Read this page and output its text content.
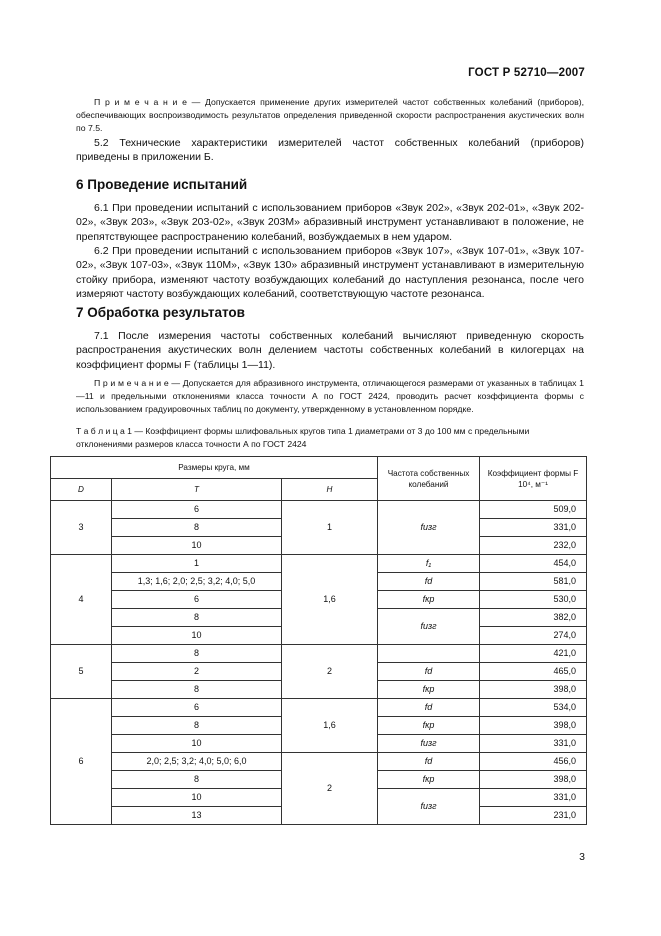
ГОСТ Р 52710—2007
П р и м е ч а н и е — Допускается применение других измерителей частот собственных колебаний (приборов), обеспечивающих воспроизводимость результатов определения приведенной скорости распространения акустических волн по 7.5.
5.2 Технические характеристики измерителей частот собственных колебаний (приборов) приведены в приложении Б.
6 Проведение испытаний
6.1 При проведении испытаний с использованием приборов «Звук 202», «Звук 202-01», «Звук 202-02», «Звук 203», «Звук 203-02», «Звук 203М» абразивный инструмент устанавливают в положение, не препятствующее распространению колебаний, возбуждаемых в нем ударом.
6.2 При проведении испытаний с использованием приборов «Звук 107», «Звук 107-01», «Звук 107-02», «Звук 107-03», «Звук 110М», «Звук 130» абразивный инструмент устанавливают в измерительную стойку прибора, изменяют частоту возбуждающих колебаний до наступления резонанса, после чего измеряют частоту возбуждающих колебаний, соответствующую частоте резонанса.
7 Обработка результатов
7.1 После измерения частоты собственных колебаний вычисляют приведенную скорость распространения акустических волн делением частоты собственных колебаний в килогерцах на коэффициент формы F (таблицы 1—11).
П р и м е ч а н и е — Допускается для абразивного инструмента, отличающегося размерами от указанных в таблицах 1—11 и предельными отклонениями класса точности А по ГОСТ 2424, проводить расчет коэффициента формы с использованием градуировочных таблиц по документу, утвержденному в установленном порядке.
Т а б л и ц а 1 — Коэффициент формы шлифовальных кругов типа 1 диаметрами от 3 до 100 мм с предельными отклонениями размеров класса точности А по ГОСТ 2424
Размеры круга, мм			Частота собственных колебаний	Коэффициент формы F 10⁴, м⁻¹
D	T	H		
3	6	1	fизг	509,0
	8			331,0
	10			232,0
4	1	1,6	f₁	454,0
	1,3; 1,6; 2,0; 2,5; 3,2; 4,0; 5,0		fd	581,0
	6		fкр	530,0
	8		fизг	382,0
	10			274,0
5	8	2		421,0
	2		fd	465,0
	8		fкр	398,0
6	6	1,6	fd	534,0
	8		fкр	398,0
	10		fизг	331,0
	2,0; 2,5; 3,2; 4,0; 5,0; 6,0	2	fd	456,0
	8		fкр	398,0
	10		fизг	331,0
	13			231,0
3
